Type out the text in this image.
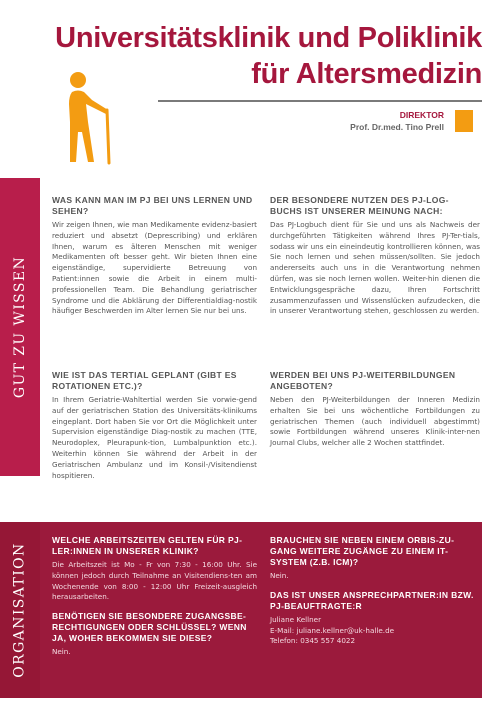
Universitätsklinik und Poliklinik
für Altersmedizin
DIREKTOR
Prof. Dr.med. Tino Prell
GUT ZU WISSEN
ORGANISATION
WAS KANN MAN IM PJ BEI UNS LERNEN UND SEHEN?

Wir zeigen Ihnen, wie man Medikamente evidenz-basiert reduziert und absetzt (Deprescribing) und erklären Ihnen, warum es älteren Menschen mit weniger Medikamenten oft besser geht. Wir bieten Ihnen eine eigenständige, supervidierte Betreuung von Patient:innen sowie die Arbeit in einem multi-professionellen Team. Die Behandlung geriatrischer Syndrome und die Abklärung der Differentialdiag-nostik häufiger Beschwerden im Alter lernen Sie nur bei uns.

DER BESONDERE NUTZEN DES PJ-LOG-BUCHS IST UNSERER MEINUNG NACH:

Das PJ-Logbuch dient für Sie und uns als Nachweis der durchgeführten Tätigkeiten während Ihres PJ-Ter-tials, sodass wir uns ein eineindeutig kontrollieren können, was Sie noch lernen und sehen müssen/sollten. Sie jedoch andererseits auch uns in die Verantwortung nehmen dürfen, was sie noch lernen wollen. Weiter-hin dienen die Entwicklungsgespräche dazu, Ihren Fortschritt zusammenzufassen und Wissenslücken aufzudecken, die in unserer Verantwortung stehen, geschlossen zu werden.

WIE IST DAS TERTIAL GEPLANT (GIBT ES ROTATIONEN ETC.)?

In Ihrem Geriatrie-Wahltertial werden Sie vorwie-gend auf der geriatrischen Station des Universitäts-klinikums eingeplant. Dort haben Sie vor Ort die Möglichkeit unter Supervision eigenständige Diag-nostik zu machen (TTE, Neurodoplex, Pleurapunk-tion, Lumbalpunktion etc.). Weiterhin können Sie während der Arbeit in der Geriatrischen Ambulanz und im Konsil-/Visitendienst hospitieren.

WERDEN BEI UNS PJ-WEITERBILDUNGEN ANGEBOTEN?

Neben den PJ-Weiterbildungen der Inneren Medizin erhalten Sie bei uns wöchentliche Fortbildungen zu geriatrischen Themen (auch individuell abgestimmt) sowie Fortbildungen während unseres Klinik-inter-nen Journal Clubs, welcher alle 2 Wochen stattfindet.

WELCHE ARBEITSZEITEN GELTEN FÜR PJ-LER:INNEN IN UNSERER KLINIK?

Die Arbeitszeit ist Mo - Fr von 7:30 - 16:00 Uhr. Sie können jedoch durch Teilnahme an Visitendiens-ten am Wochenende von 8:00 - 12:00 Uhr Freizeit-ausgleich herausarbeiten.

BENÖTIGEN SIE BESONDERE ZUGANGSBE-RECHTIGUNGEN ODER SCHLÜSSEL? WENN JA, WOHER BEKOMMEN SIE DIESE?

Nein.

BRAUCHEN SIE NEBEN EINEM ORBIS-ZU-GANG WEITERE ZUGÄNGE ZU EINEM IT-SYSTEM (Z.B. ICM)?

Nein.

DAS IST UNSER ANSPRECHPARTNER:IN BZW. PJ-BEAUFTRAGTE:R

Juliane Kellner

E-Mail: juliane.kellner@uk-halle.de

Telefon: 0345 557 4022
